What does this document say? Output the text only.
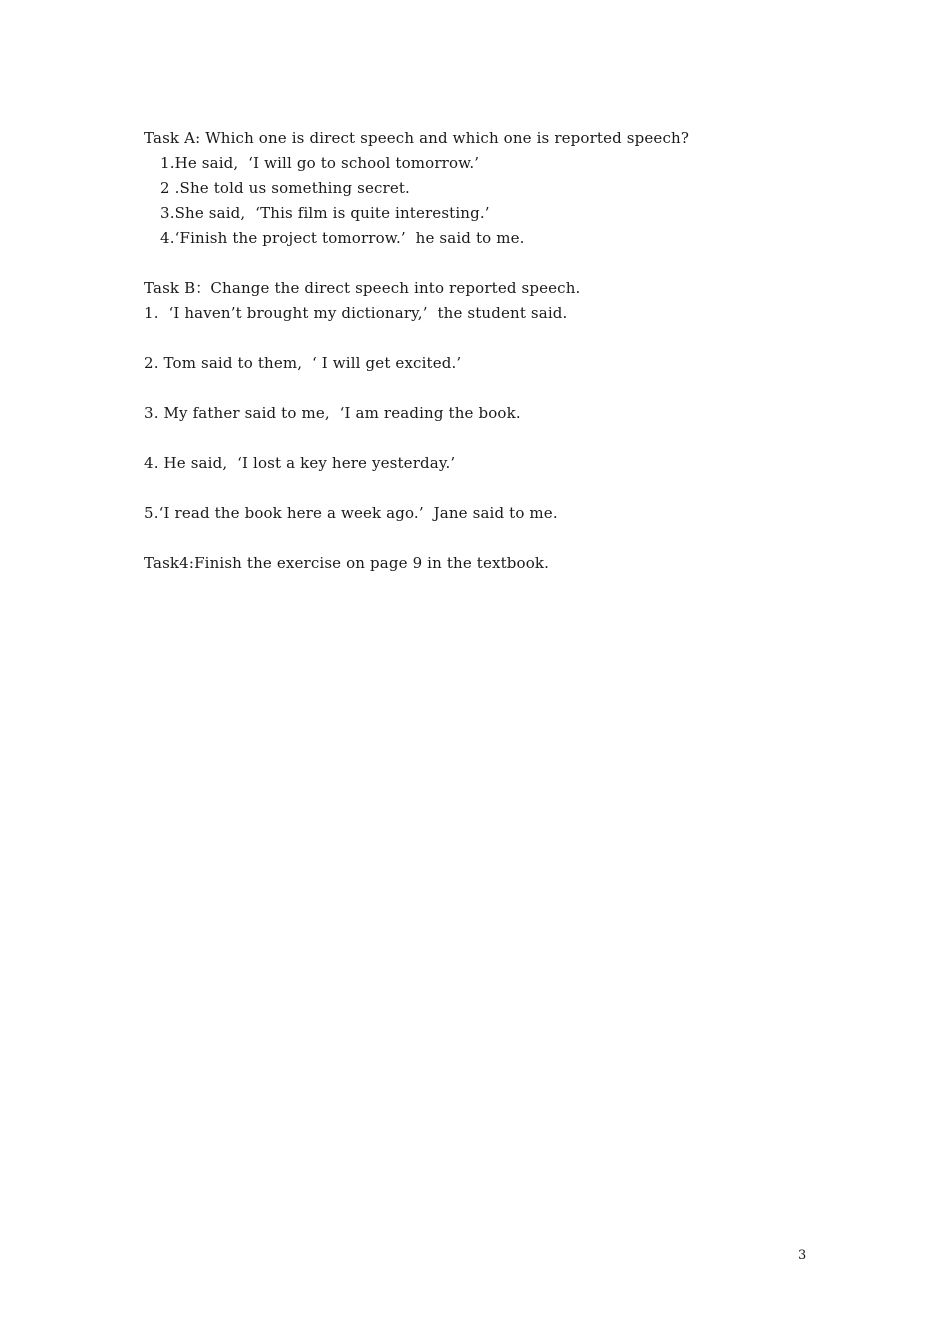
Task A: Which one is direct speech and which one is reported speech?
1.He said,  ‘I will go to school tomorrow.’
2 .She told us something secret.
3.She said,  ‘This film is quite interesting.’
4.‘Finish the project tomorrow.’  he said to me.
Task B：Change the direct speech into reported speech.
1.  ‘I haven’t brought my dictionary,’  the student said.
2. Tom said to them,  ‘ I will get excited.’
3. My father said to me,  ‘I am reading the book.
4. He said,  ‘I lost a key here yesterday.’
5.‘I read the book here a week ago.’  Jane said to me.
Task4:Finish the exercise on page 9 in the textbook.
3
